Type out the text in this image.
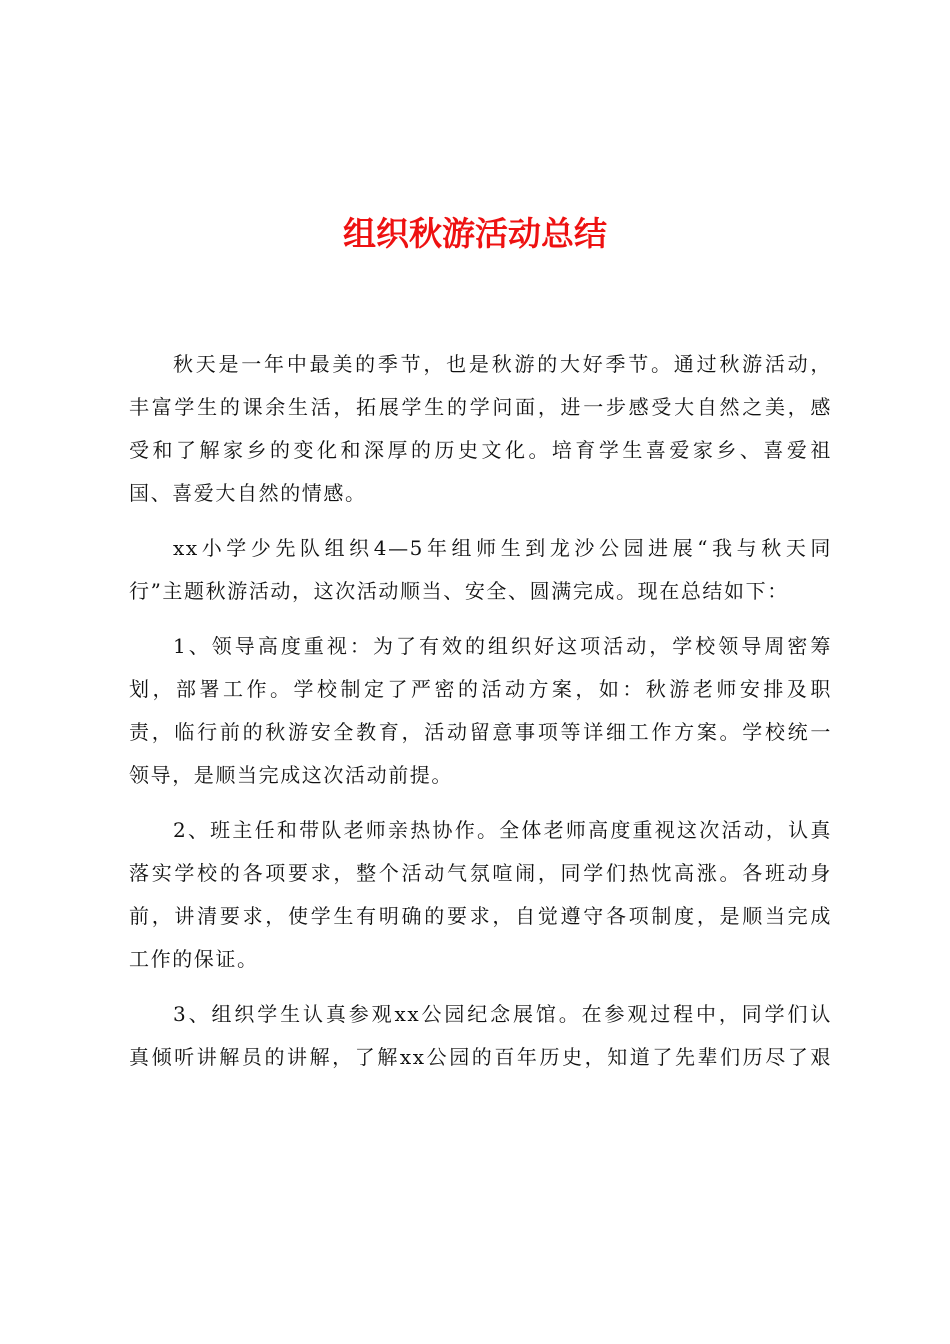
组织秋游活动总结
秋天是一年中最美的季节，也是秋游的大好季节。通过秋游活动，
丰富学生的课余生活，拓展学生的学问面，进一步感受大自然之美，感
受和了解家乡的变化和深厚的历史文化。培育学生喜爱家乡、喜爱祖
国、喜爱大自然的情感。
xx小学少先队组织4—5年组师生到龙沙公园进展“我与秋天同
行”主题秋游活动，这次活动顺当、安全、圆满完成。现在总结如下：
1、领导高度重视：为了有效的组织好这项活动，学校领导周密筹
划，部署工作。学校制定了严密的活动方案，如：秋游老师安排及职
责，临行前的秋游安全教育，活动留意事项等详细工作方案。学校统一
领导，是顺当完成这次活动前提。
2、班主任和带队老师亲热协作。全体老师高度重视这次活动，认真
落实学校的各项要求，整个活动气氛喧闹，同学们热忱高涨。各班动身
前，讲清要求，使学生有明确的要求，自觉遵守各项制度，是顺当完成
工作的保证。
3、组织学生认真参观xx公园纪念展馆。在参观过程中，同学们认
真倾听讲解员的讲解，了解xx公园的百年历史，知道了先辈们历尽了艰
